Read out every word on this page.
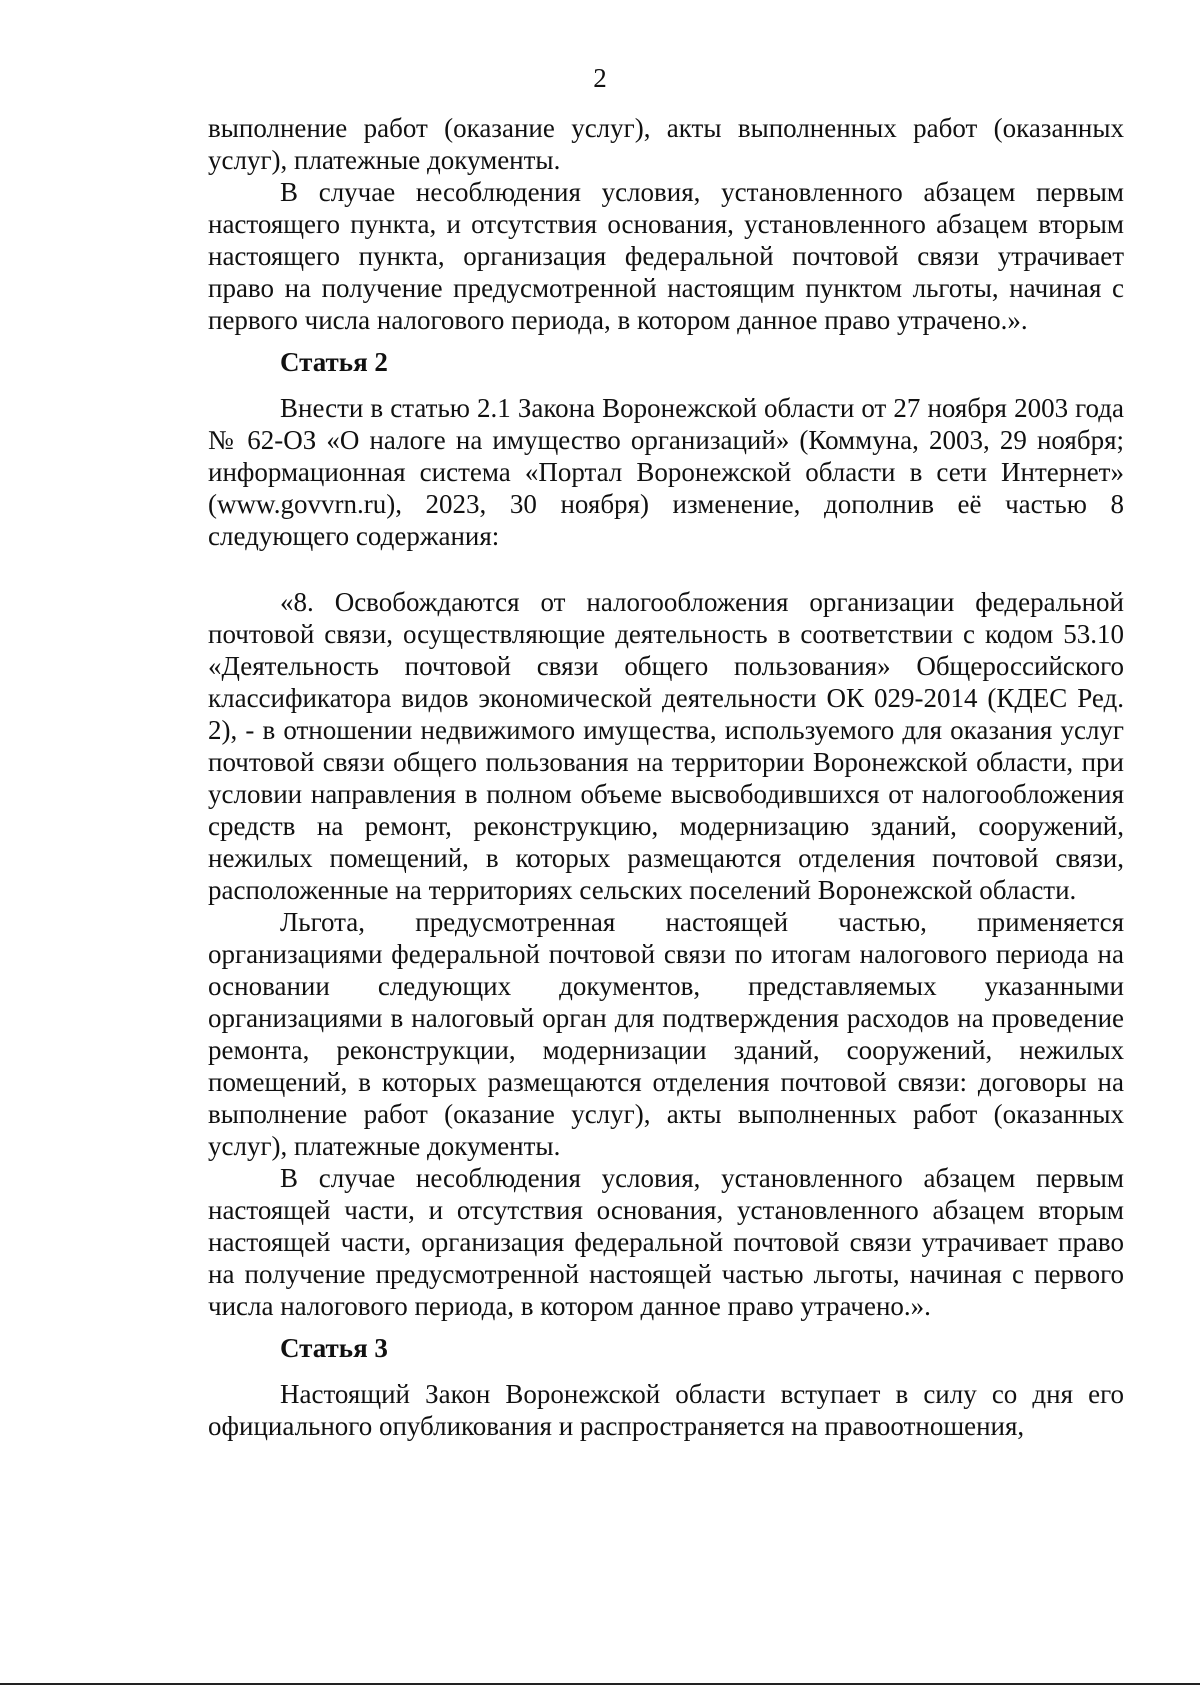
2

выполнение работ (оказание услуг), акты выполненных работ (оказанных услуг), платежные документы.

В случае несоблюдения условия, установленного абзацем первым настоящего пункта, и отсутствия основания, установленного абзацем вторым настоящего пункта, организация федеральной почтовой связи утрачивает право на получение предусмотренной настоящим пунктом льготы, начиная с первого числа налогового периода, в котором данное право утрачено.».

Статья 2

Внести в статью 2.1 Закона Воронежской области от 27 ноября 2003 года № 62-ОЗ «О налоге на имущество организаций» (Коммуна, 2003, 29 ноября; информационная система «Портал Воронежской области в сети Интернет» (www.govvrn.ru), 2023, 30 ноября) изменение, дополнив её частью 8 следующего содержания:

«8. Освобождаются от налогообложения организации федеральной почтовой связи, осуществляющие деятельность в соответствии с кодом 53.10 «Деятельность почтовой связи общего пользования» Общероссийского классификатора видов экономической деятельности ОК 029-2014 (КДЕС Ред. 2), - в отношении недвижимого имущества, используемого для оказания услуг почтовой связи общего пользования на территории Воронежской области, при условии направления в полном объеме высвободившихся от налогообложения средств на ремонт, реконструкцию, модернизацию зданий, сооружений, нежилых помещений, в которых размещаются отделения почтовой связи, расположенные на территориях сельских поселений Воронежской области.

Льгота, предусмотренная настоящей частью, применяется организациями федеральной почтовой связи по итогам налогового периода на основании следующих документов, представляемых указанными организациями в налоговый орган для подтверждения расходов на проведение ремонта, реконструкции, модернизации зданий, сооружений, нежилых помещений, в которых размещаются отделения почтовой связи: договоры на выполнение работ (оказание услуг), акты выполненных работ (оказанных услуг), платежные документы.

В случае несоблюдения условия, установленного абзацем первым настоящей части, и отсутствия основания, установленного абзацем вторым настоящей части, организация федеральной почтовой связи утрачивает право на получение предусмотренной настоящей частью льготы, начиная с первого числа налогового периода, в котором данное право утрачено.».

Статья 3

Настоящий Закон Воронежской области вступает в силу со дня его официального опубликования и распространяется на правоотношения,
